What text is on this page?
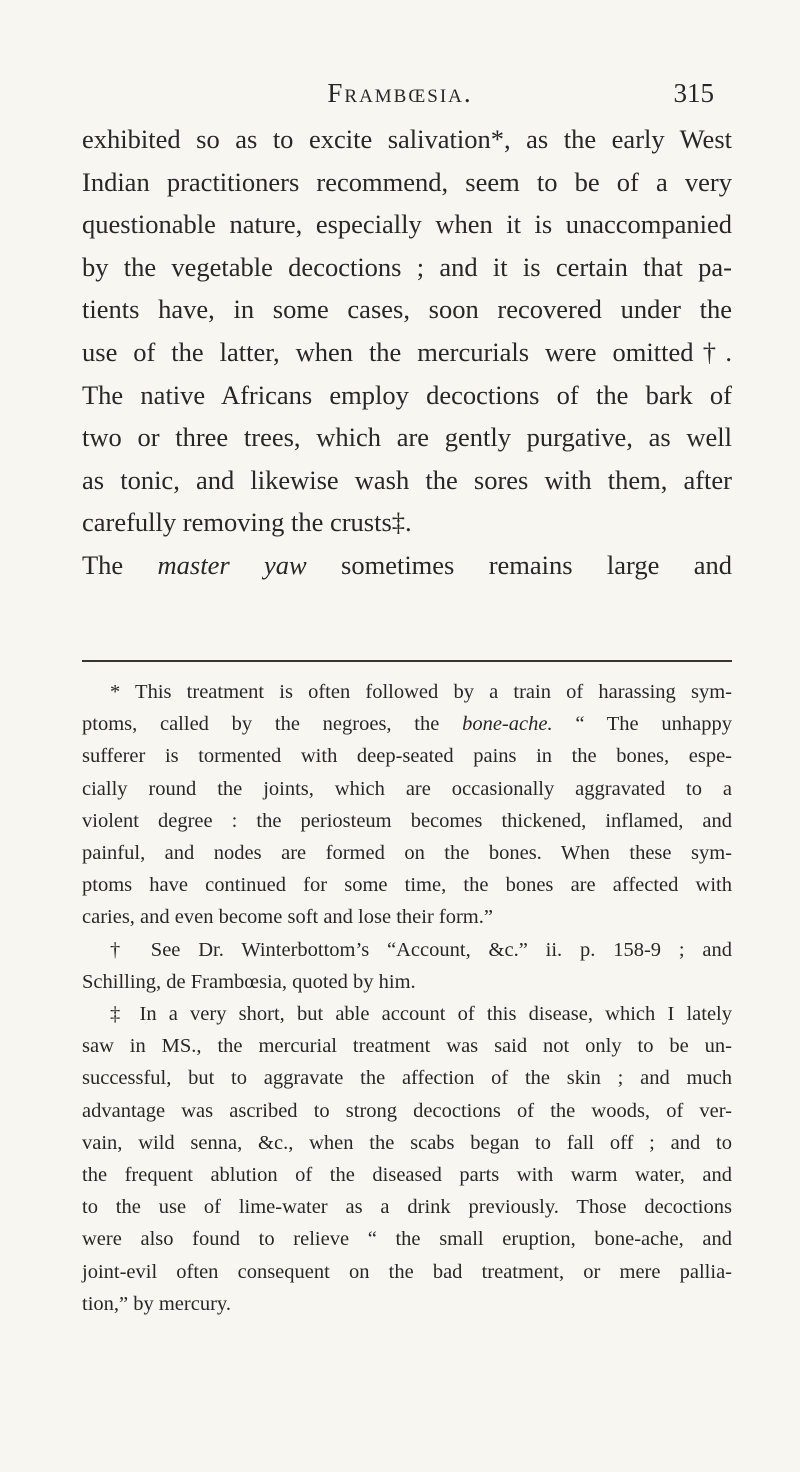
Frambœsia.	315
exhibited so as to excite salivation*, as the early West
Indian practitioners recommend, seem to be of a very
questionable nature, especially when it is unaccompanied
by the vegetable decoctions ; and it is certain that pa-
tients have, in some cases, soon recovered under the
use of the latter, when the mercurials were omitted†.
The native Africans employ decoctions of the bark of
two or three trees, which are gently purgative, as well
as tonic, and likewise wash the sores with them, after
carefully removing the crusts‡.
The master yaw sometimes remains large and
* This treatment is often followed by a train of harassing sym-
ptoms, called by the negroes, the bone-ache. “ The unhappy
sufferer is tormented with deep-seated pains in the bones, espe-
cially round the joints, which are occasionally aggravated to a
violent degree : the periosteum becomes thickened, inflamed, and
painful, and nodes are formed on the bones. When these sym-
ptoms have continued for some time, the bones are affected with
caries, and even become soft and lose their form.”
† See Dr. Winterbottom’s “Account, &c.” ii. p. 158-9 ; and
Schilling, de Frambœsia, quoted by him.
‡ In a very short, but able account of this disease, which I lately
saw in MS., the mercurial treatment was said not only to be un-
successful, but to aggravate the affection of the skin ; and much
advantage was ascribed to strong decoctions of the woods, of ver-
vain, wild senna, &c., when the scabs began to fall off ; and to
the frequent ablution of the diseased parts with warm water, and
to the use of lime-water as a drink previously. Those decoctions
were also found to relieve “ the small eruption, bone-ache, and
joint-evil often consequent on the bad treatment, or mere pallia-
tion,” by mercury.
